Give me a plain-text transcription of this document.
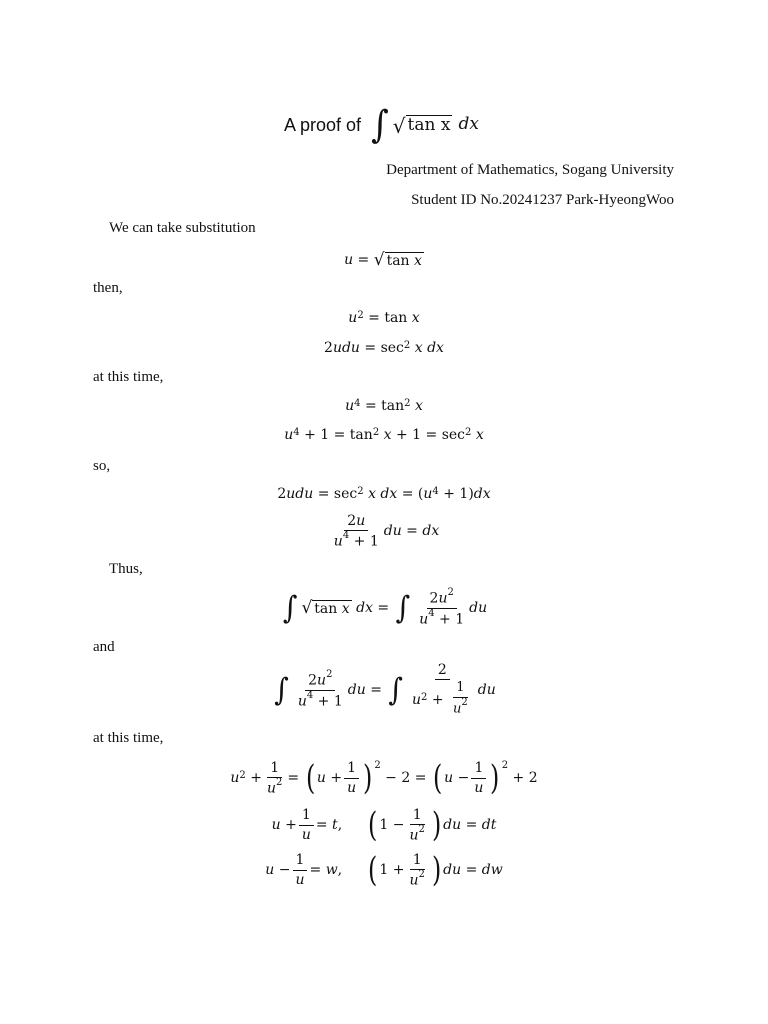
A proof of ∫ √ tan x dx
Department of Mathematics, Sogang University
Student ID No.20241237 Park-HyeongWoo
We can take substitution
then,
at this time,
so,
Thus,
and
at this time,
u = √ tan x
u 2 = tan x
2 udu = sec 2
x
dx
u 4 = tan 2
x
u 4 + 1 = tan 2
x + 1 = sec 2
x
2 udu = sec 2
x
dx = ( u 4 + 1) dx
$\frac{2u}{u^4 + 1}$ du = dx
∫ √ tan x
dx = ∫ $\frac{2u^2}{u^4 + 1}$ du
∫ $\frac{2u^2}{u^4 + 1}$ du = ∫ $\frac{2}{u 2 + \frac{1}{u^2}}$ du
u $2 + \frac{1}{u^2}$ = ( $u + \frac{1}{u}$ ) 2
− 2 = ( $u - \frac{1}{u}$ ) 2
+ 2
$u + \frac{1}{u} = t$ , ( $1 - \frac{1}{u^2}$ ) du = dt
$u - \frac{1}{u} = w$ , ( $1 + \frac{1}{u^2}$ ) du = dw
